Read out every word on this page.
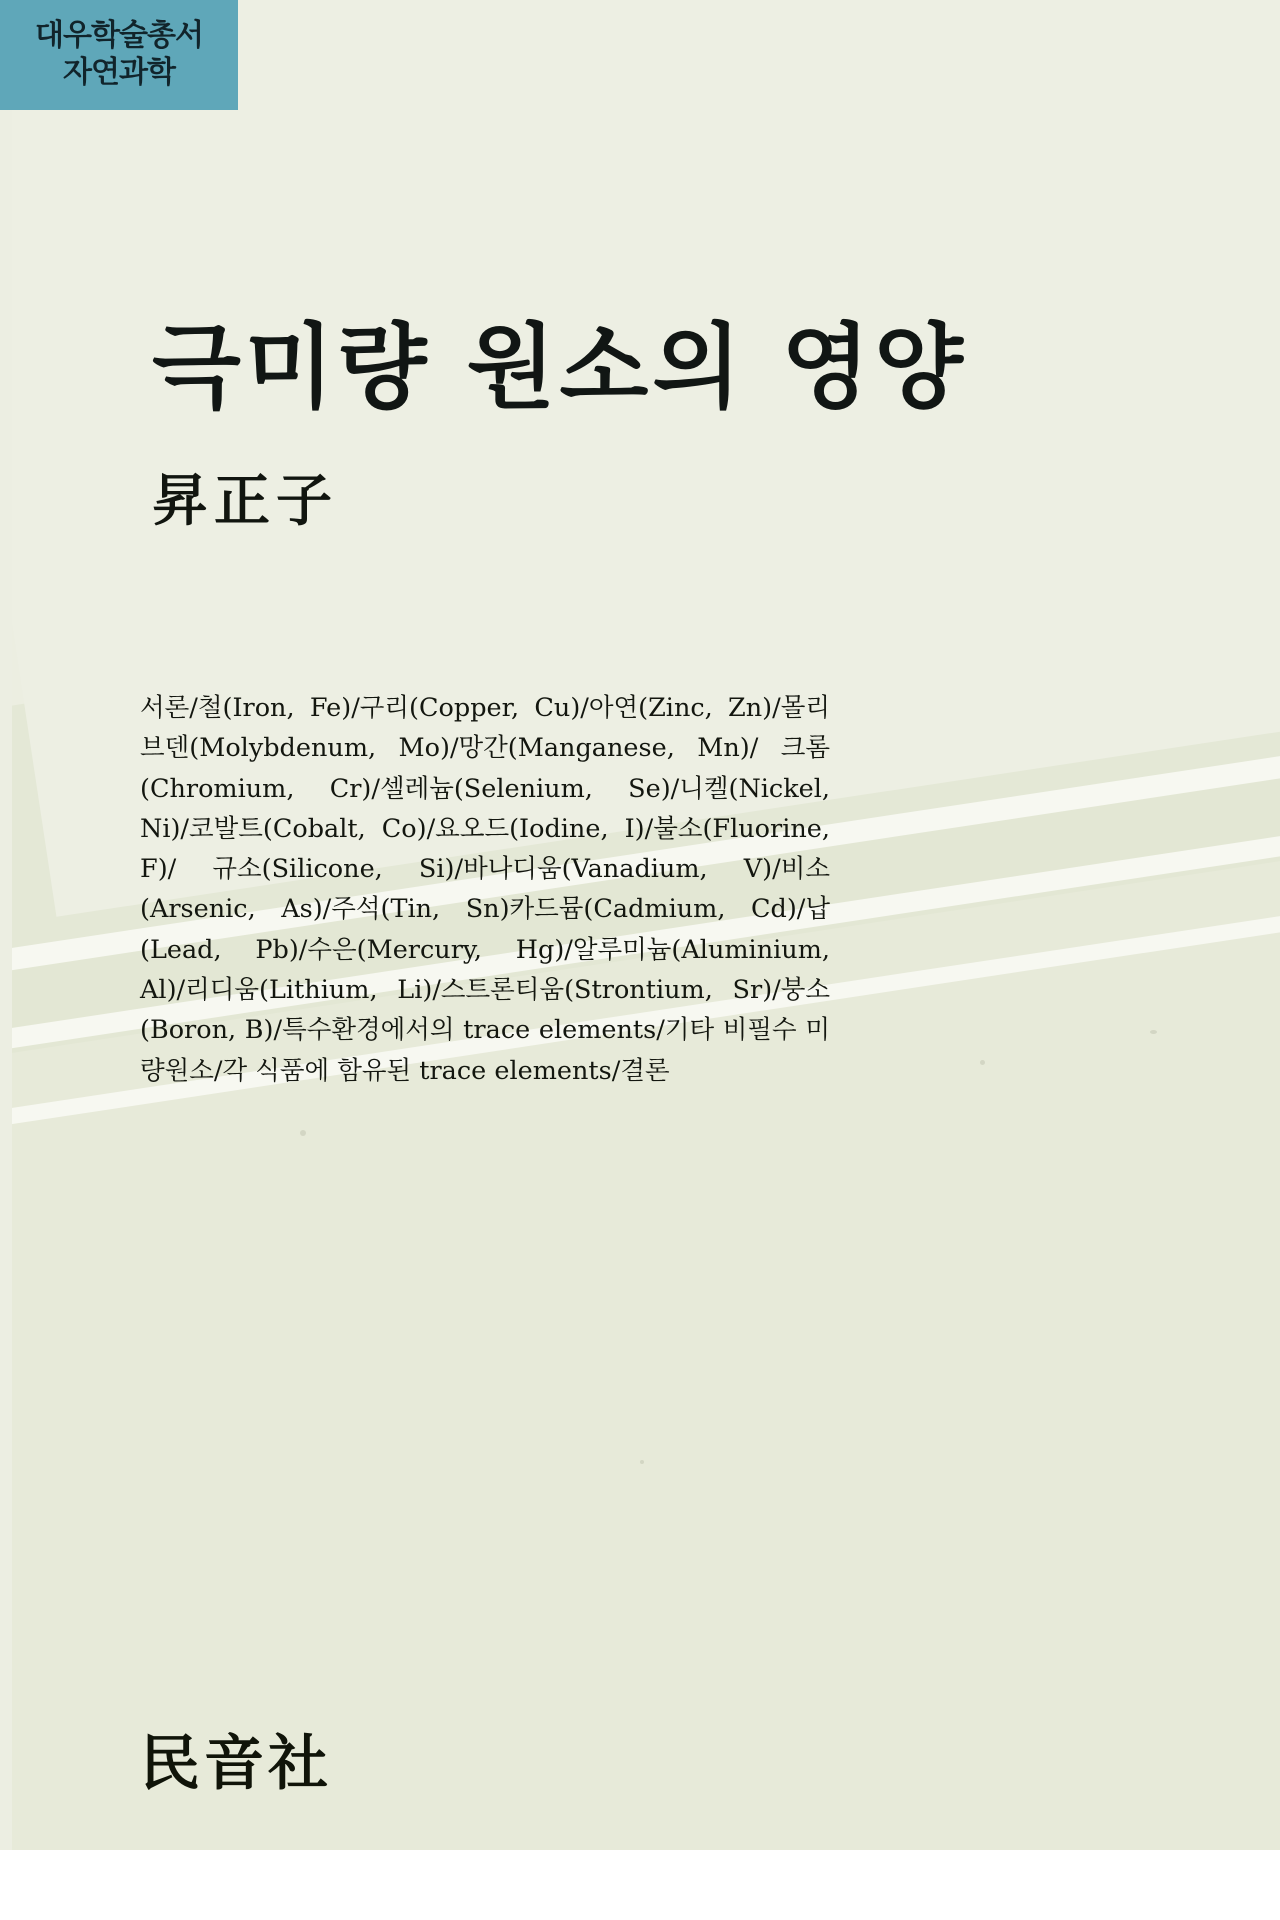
대우학술총서
자연과학
극미량 원소의 영양
昇正子
서론/철(Iron, Fe)/구리(Copper, Cu)/아연(Zinc, Zn)/몰리브덴(Molybdenum, Mo)/망간(Manganese, Mn)/ 크롬(Chromium, Cr)/셀레늄(Selenium, Se)/니켈(Nickel, Ni)/코발트(Cobalt, Co)/요오드(Iodine, I)/불소(Fluorine, F)/ 규소(Silicone, Si)/바나디움(Vanadium, V)/비소(Arsenic, As)/주석(Tin, Sn)카드뮴(Cadmium, Cd)/납(Lead, Pb)/수은(Mercury, Hg)/알루미늄(Aluminium, Al)/리디움(Lithium, Li)/스트론티움(Strontium, Sr)/붕소(Boron, B)/특수환경에서의 trace elements/기타 비필수 미량원소/각 식품에 함유된 trace elements/결론
民音社
